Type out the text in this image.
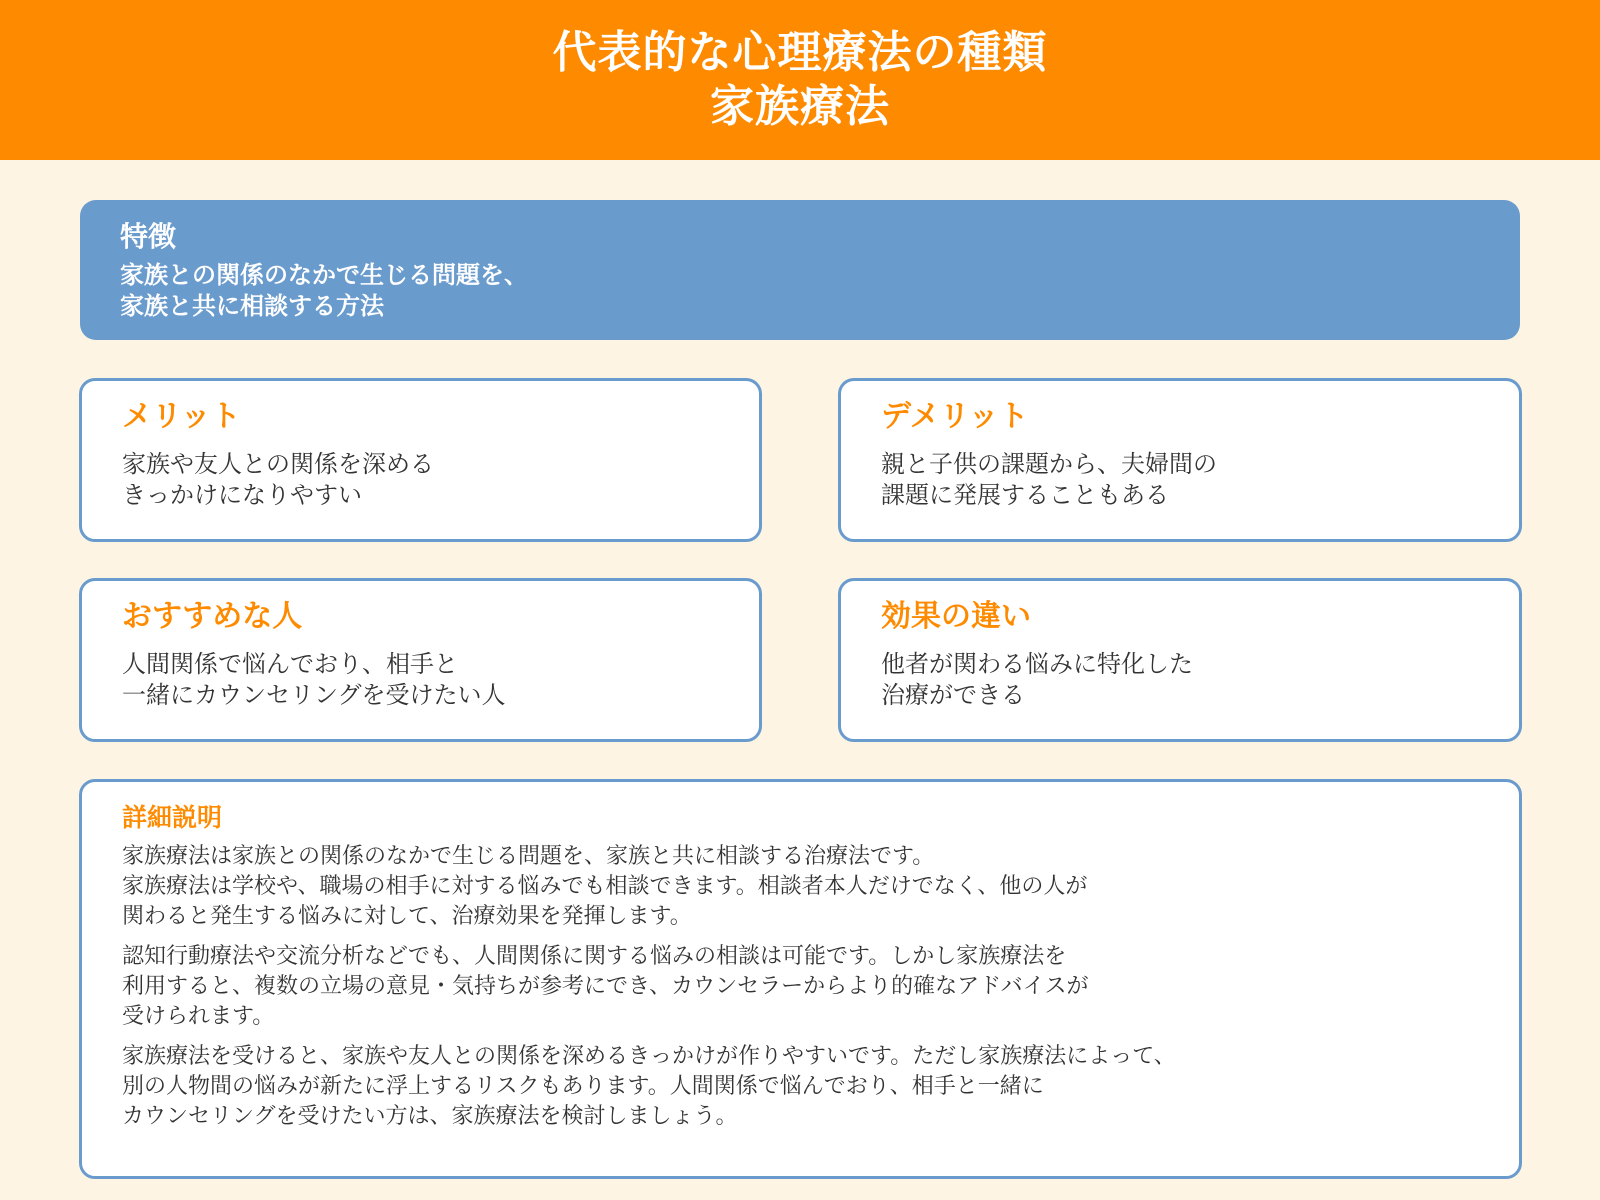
代表的な心理療法の種類
家族療法
特徴
家族との関係のなかで生じる問題を、
家族と共に相談する方法
メリット
家族や友人との関係を深める
きっかけになりやすい
デメリット
親と子供の課題から、夫婦間の
課題に発展することもある
おすすめな人
人間関係で悩んでおり、相手と
一緒にカウンセリングを受けたい人
効果の違い
他者が関わる悩みに特化した
治療ができる
詳細説明
家族療法は家族との関係のなかで生じる問題を、家族と共に相談する治療法です。
家族療法は学校や、職場の相手に対する悩みでも相談できます。相談者本人だけでなく、他の人が
関わると発生する悩みに対して、治療効果を発揮します。
認知行動療法や交流分析などでも、人間関係に関する悩みの相談は可能です。しかし家族療法を
利用すると、複数の立場の意見・気持ちが参考にでき、カウンセラーからより的確なアドバイスが
受けられます。
家族療法を受けると、家族や友人との関係を深めるきっかけが作りやすいです。ただし家族療法によって、
別の人物間の悩みが新たに浮上するリスクもあります。人間関係で悩んでおり、相手と一緒に
カウンセリングを受けたい方は、家族療法を検討しましょう。
